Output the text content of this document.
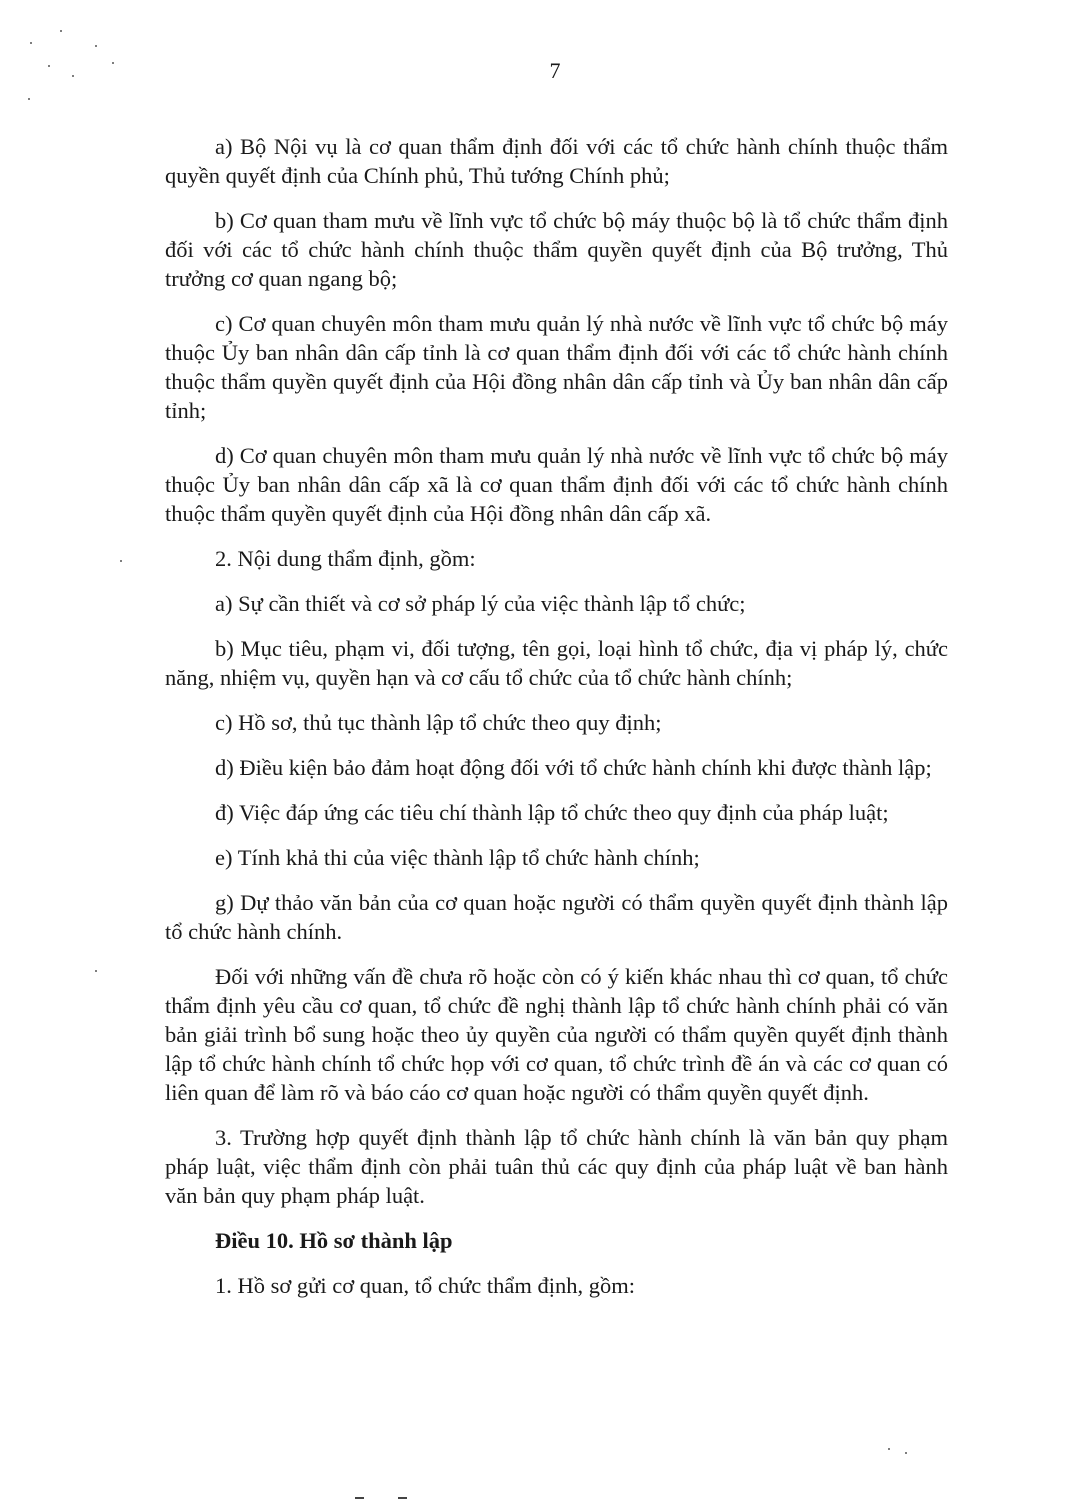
7

a) Bộ Nội vụ là cơ quan thẩm định đối với các tổ chức hành chính thuộc thẩm quyền quyết định của Chính phủ, Thủ tướng Chính phủ;

b) Cơ quan tham mưu về lĩnh vực tổ chức bộ máy thuộc bộ là tổ chức thẩm định đối với các tổ chức hành chính thuộc thẩm quyền quyết định của Bộ trưởng, Thủ trưởng cơ quan ngang bộ;

c) Cơ quan chuyên môn tham mưu quản lý nhà nước về lĩnh vực tổ chức bộ máy thuộc Ủy ban nhân dân cấp tỉnh là cơ quan thẩm định đối với các tổ chức hành chính thuộc thẩm quyền quyết định của Hội đồng nhân dân cấp tỉnh và Ủy ban nhân dân cấp tỉnh;

d) Cơ quan chuyên môn tham mưu quản lý nhà nước về lĩnh vực tổ chức bộ máy thuộc Ủy ban nhân dân cấp xã là cơ quan thẩm định đối với các tổ chức hành chính thuộc thẩm quyền quyết định của Hội đồng nhân dân cấp xã.

2. Nội dung thẩm định, gồm:

a) Sự cần thiết và cơ sở pháp lý của việc thành lập tổ chức;

b) Mục tiêu, phạm vi, đối tượng, tên gọi, loại hình tổ chức, địa vị pháp lý, chức năng, nhiệm vụ, quyền hạn và cơ cấu tổ chức của tổ chức hành chính;

c) Hồ sơ, thủ tục thành lập tổ chức theo quy định;

d) Điều kiện bảo đảm hoạt động đối với tổ chức hành chính khi được thành lập;

đ) Việc đáp ứng các tiêu chí thành lập tổ chức theo quy định của pháp luật;

e) Tính khả thi của việc thành lập tổ chức hành chính;

g) Dự thảo văn bản của cơ quan hoặc người có thẩm quyền quyết định thành lập tổ chức hành chính.

Đối với những vấn đề chưa rõ hoặc còn có ý kiến khác nhau thì cơ quan, tổ chức thẩm định yêu cầu cơ quan, tổ chức đề nghị thành lập tổ chức hành chính phải có văn bản giải trình bổ sung hoặc theo ủy quyền của người có thẩm quyền quyết định thành lập tổ chức hành chính tổ chức họp với cơ quan, tổ chức trình đề án và các cơ quan có liên quan để làm rõ và báo cáo cơ quan hoặc người có thẩm quyền quyết định.

3. Trường hợp quyết định thành lập tổ chức hành chính là văn bản quy phạm pháp luật, việc thẩm định còn phải tuân thủ các quy định của pháp luật về ban hành văn bản quy phạm pháp luật.

Điều 10. Hồ sơ thành lập

1. Hồ sơ gửi cơ quan, tổ chức thẩm định, gồm:
